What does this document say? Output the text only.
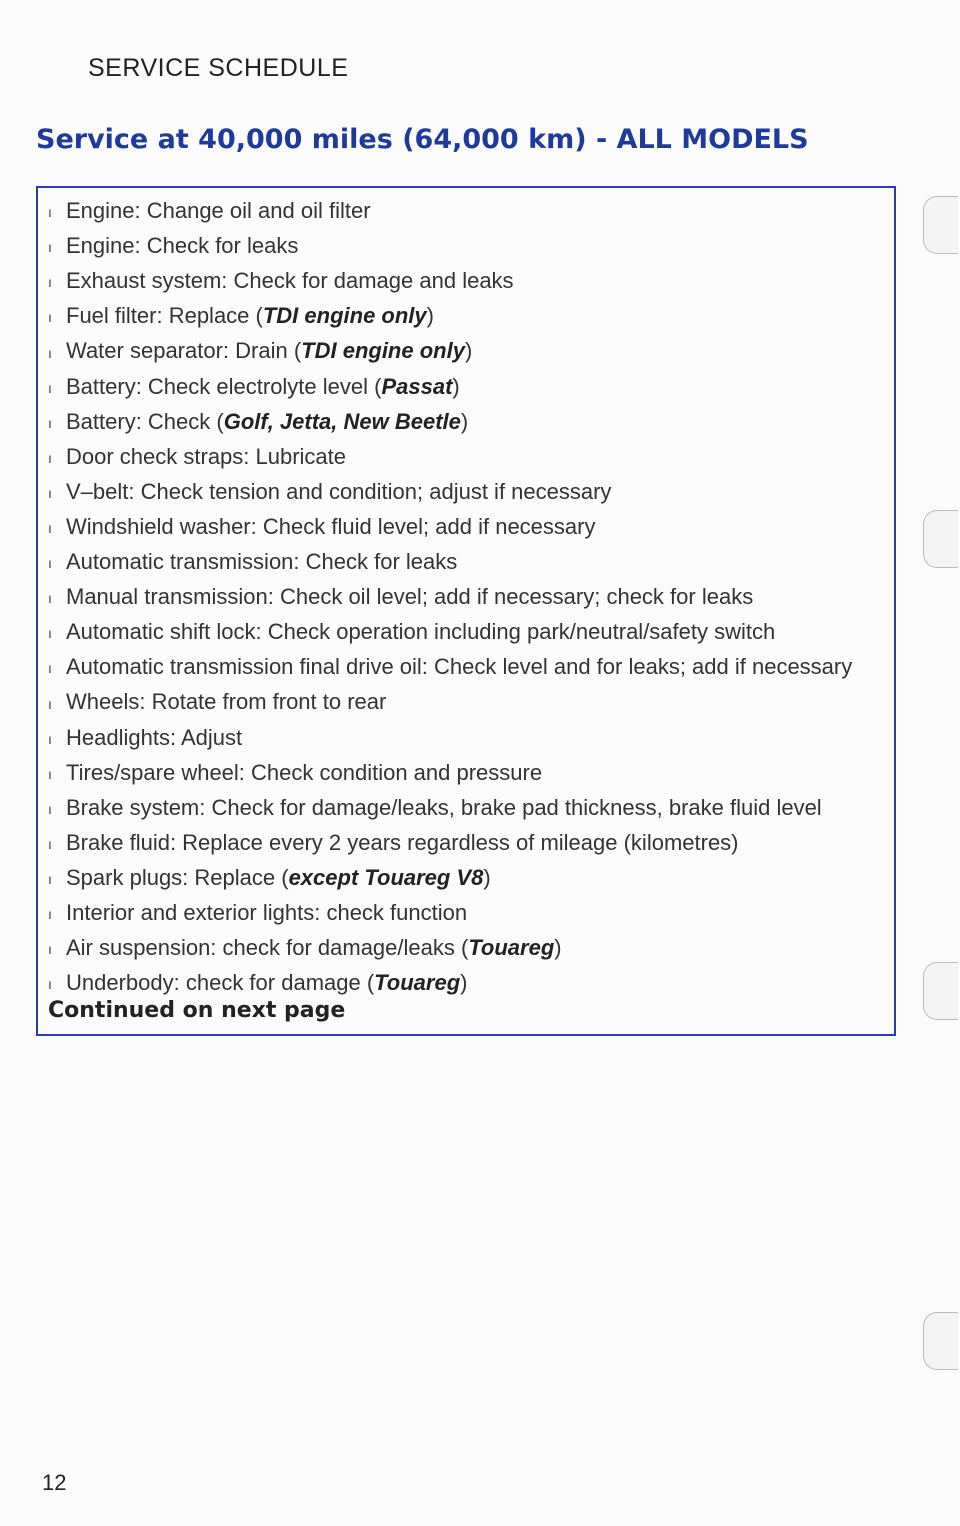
SERVICE SCHEDULE
Service at 40,000 miles (64,000 km) - ALL MODELS
ı Engine: Change oil and oil filter
ı Engine: Check for leaks
ı Exhaust system: Check for damage and leaks
ı Fuel filter: Replace (TDI engine only)
ı Water separator: Drain (TDI engine only)
ı Battery: Check electrolyte level (Passat)
ı Battery: Check (Golf, Jetta, New Beetle)
ı Door check straps: Lubricate
ı V–belt: Check tension and condition; adjust if necessary
ı Windshield washer: Check fluid level; add if necessary
ı Automatic transmission: Check for leaks
ı Manual transmission: Check oil level; add if necessary; check for leaks
ı Automatic shift lock: Check operation including park/neutral/safety switch
ı Automatic transmission final drive oil: Check level and for leaks; add if necessary
ı Wheels: Rotate from front to rear
ı Headlights: Adjust
ı Tires/spare wheel: Check condition and pressure
ı Brake system: Check for damage/leaks, brake pad thickness, brake fluid level
ı Brake fluid: Replace every 2 years regardless of mileage (kilometres)
ı Spark plugs: Replace (except Touareg V8)
ı Interior and exterior lights: check function
ı Air suspension: check for damage/leaks (Touareg)
ı Underbody: check for damage (Touareg)
Continued on next page
12
